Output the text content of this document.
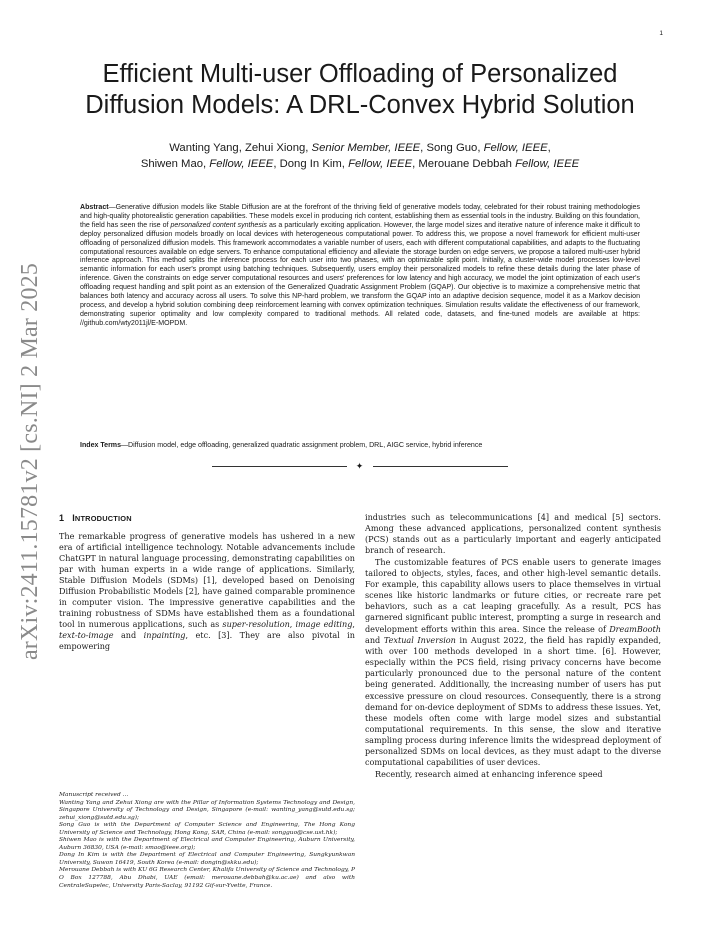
1
arXiv:2411.15781v2 [cs.NI] 2 Mar 2025
Efficient Multi-user Offloading of Personalized Diffusion Models: A DRL-Convex Hybrid Solution
Wanting Yang, Zehui Xiong, Senior Member, IEEE, Song Guo, Fellow, IEEE,
Shiwen Mao, Fellow, IEEE, Dong In Kim, Fellow, IEEE, Merouane Debbah Fellow, IEEE

Abstract—Generative diffusion models like Stable Diffusion are at the forefront of the thriving field of generative models today, celebrated for their robust training methodologies and high-quality photorealistic generation capabilities. These models excel in producing rich content, establishing them as essential tools in the industry. Building on this foundation, the field has seen the rise of personalized content synthesis as a particularly exciting application. However, the large model sizes and iterative nature of inference make it difficult to deploy personalized diffusion models broadly on local devices with heterogeneous computational power. To address this, we propose a novel framework for efficient multi-user offloading of personalized diffusion models. This framework accommodates a variable number of users, each with different computational capabilities, and adapts to the fluctuating computational resources available on edge servers. To enhance computational efficiency and alleviate the storage burden on edge servers, we propose a tailored multi-user hybrid inference approach. This method splits the inference process for each user into two phases, with an optimizable split point. Initially, a cluster-wide model processes low-level semantic information for each user's prompt using batching techniques. Subsequently, users employ their personalized models to refine these details during the later phase of inference. Given the constraints on edge server computational resources and users' preferences for low latency and high accuracy, we model the joint optimization of each user's offloading request handling and split point as an extension of the Generalized Quadratic Assignment Problem (GQAP). Our objective is to maximize a comprehensive metric that balances both latency and accuracy across all users. To solve this NP-hard problem, we transform the GQAP into an adaptive decision sequence, model it as a Markov decision process, and develop a hybrid solution combining deep reinforcement learning with convex optimization techniques. Simulation results validate the effectiveness of our framework, demonstrating superior optimality and low complexity compared to traditional methods. All related code, datasets, and fine-tuned models are available at https: //github.com/wty2011jl/E-MOPDM.

Index Terms—Diffusion model, edge offloading, generalized quadratic assignment problem, DRL, AIGC service, hybrid inference

✦
1 INTRODUCTION

The remarkable progress of generative models has ushered in a new era of artificial intelligence technology. Notable advancements include ChatGPT in natural language processing, demonstrating capabilities on par with human experts in a wide range of applications. Similarly, Stable Diffusion Models (SDMs) [1], developed based on Denoising Diffusion Probabilistic Models [2], have gained comparable prominence in computer vision. The impressive generative capabilities and the training robustness of SDMs have established them as a foundational tool in numerous applications, such as super-resolution, image editing, text-to-image and inpainting, etc. [3]. They are also pivotal in empowering

Manuscript received ...

Wanting Yang and Zehui Xiong are with the Pillar of Information Systems Technology and Design, Singapore University of Technology and Design, Singapore (e-mail: wanting_yang@sutd.edu.sg; zehui_xiong@sutd.edu.sg);

Song Guo is with the Department of Computer Science and Engineering, The Hong Kong University of Science and Technology, Hong Kong, SAR, China (e-mail: songguo@cse.ust.hk);

Shiwen Mao is with the Department of Electrical and Computer Engineering, Auburn University, Auburn 36830, USA (e-mail: smao@ieee.org);

Dong In Kim is with the Department of Electrical and Computer Engineering, Sungkyunkwan University, Suwon 16419, South Korea (e-mail: dongin@skku.edu);

Merouane Debbah is with KU 6G Research Center, Khalifa University of Science and Technology, P O Box 127788, Abu Dhabi, UAE (email: merouane.debbah@ku.ac.ae) and also with CentraleSupelec, University Paris-Saclay, 91192 Gif-sur-Yvette, France.

industries such as telecommunications [4] and medical [5] sectors. Among these advanced applications, personalized content synthesis (PCS) stands out as a particularly important and eagerly anticipated branch of research.

The customizable features of PCS enable users to generate images tailored to objects, styles, faces, and other high-level semantic details. For example, this capability allows users to place themselves in virtual scenes like historic landmarks or future cities, or recreate rare pet behaviors, such as a cat leaping gracefully. As a result, PCS has garnered significant public interest, prompting a surge in research and development efforts within this area. Since the release of DreamBooth and Textual Inversion in August 2022, the field has rapidly expanded, with over 100 methods developed in a short time. [6]. However, especially within the PCS field, rising privacy concerns have become particularly pronounced due to the personal nature of the content being generated. Additionally, the increasing number of users has put excessive pressure on cloud resources. Consequently, there is a strong demand for on-device deployment of SDMs to address these issues. Yet, these models often come with large model sizes and substantial computational requirements. In this sense, the slow and iterative sampling process during inference limits the widespread deployment of personalized SDMs on local devices, as they must adapt to the diverse computational capabilities of user devices.

Recently, research aimed at enhancing inference speed
